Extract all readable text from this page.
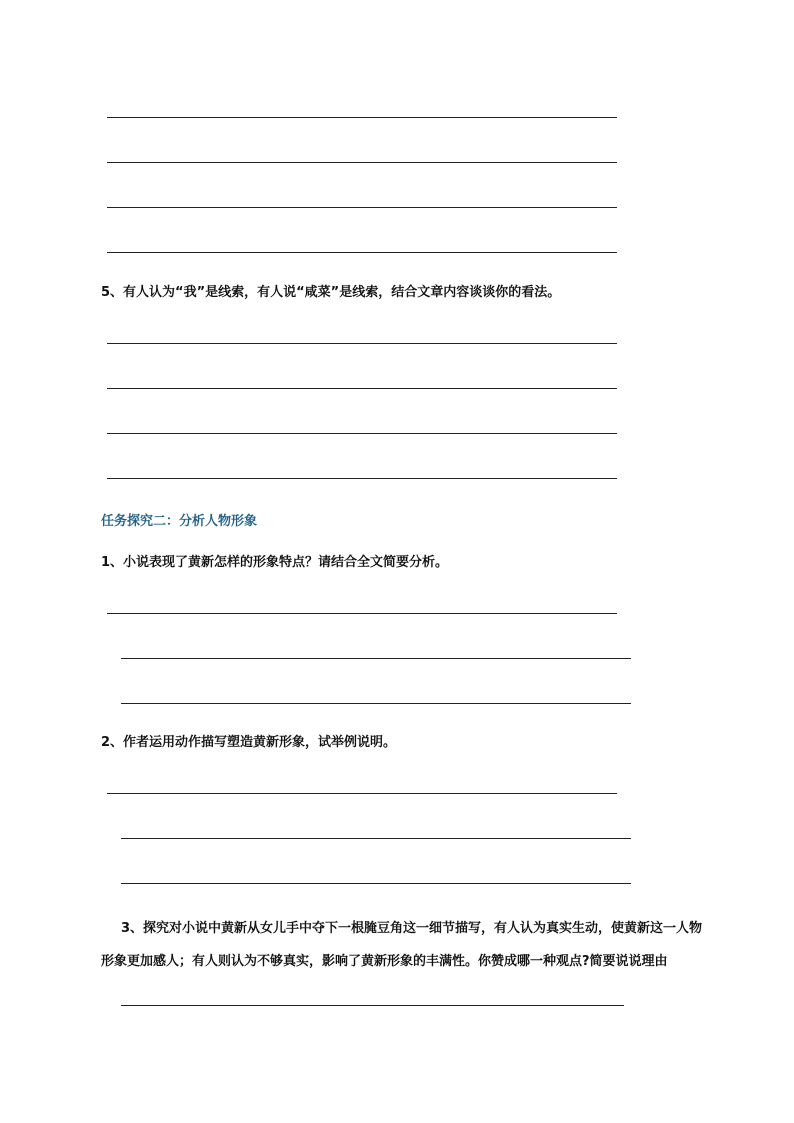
5、有人认为“我”是线索，有人说“咸菜”是线索，结合文章内容谈谈你的看法。
任务探究二：分析人物形象
1、小说表现了黄新怎样的形象特点？请结合全文简要分析。
2、作者运用动作描写塑造黄新形象，试举例说明。
3、探究对小说中黄新从女儿手中夺下一根腌豆角这一细节描写，有人认为真实生动，使黄新这一人物
形象更加感人；有人则认为不够真实，影响了黄新形象的丰满性。你赞成哪一种观点?简要说说理由
